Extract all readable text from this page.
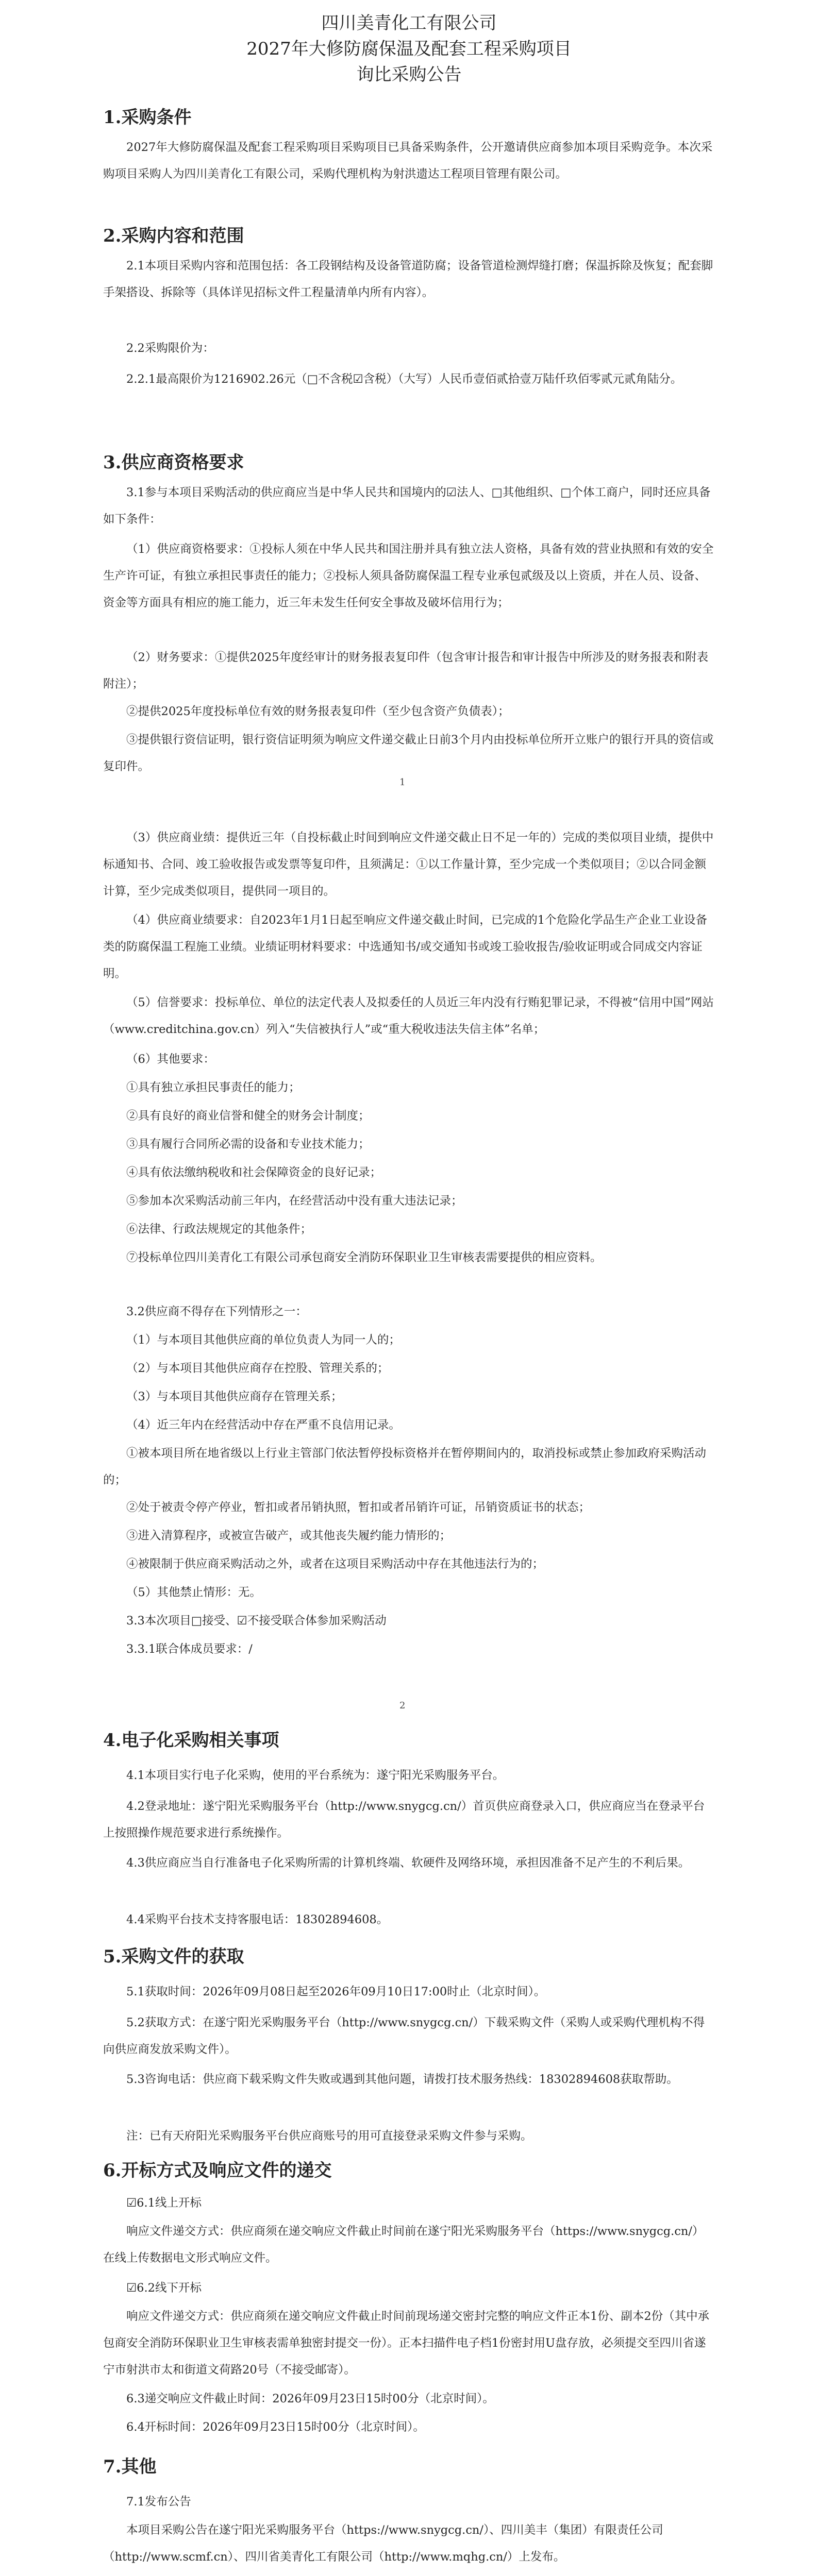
四川美青化工有限公司

2027年大修防腐保温及配套工程采购项目

询比采购公告

1.采购条件

2027年大修防腐保温及配套工程采购项目采购项目已具备采购条件，公开邀请供应商参加本项目采购竞争。本次采购项目采购人为四川美青化工有限公司，采购代理机构为射洪遗达工程项目管理有限公司。

2.采购内容和范围

2.1本项目采购内容和范围包括：各工段钢结构及设备管道防腐；设备管道检测焊缝打磨；保温拆除及恢复；配套脚手架搭设、拆除等（具体详见招标文件工程量清单内所有内容）。

2.2采购限价为：

2.2.1最高限价为1216902.26元（□不含税☑含税）（大写）人民币壹佰贰拾壹万陆仟玖佰零贰元贰角陆分。

3.供应商资格要求

3.1参与本项目采购活动的供应商应当是中华人民共和国境内的☑法人、□其他组织、□个体工商户，同时还应具备如下条件：

（1）供应商资格要求：①投标人须在中华人民共和国注册并具有独立法人资格，具备有效的营业执照和有效的安全生产许可证，有独立承担民事责任的能力；②投标人须具备防腐保温工程专业承包贰级及以上资质，并在人员、设备、资金等方面具有相应的施工能力，近三年未发生任何安全事故及破坏信用行为；

（2）财务要求：①提供2025年度经审计的财务报表复印件（包含审计报告和审计报告中所涉及的财务报表和附表附注）；

②提供2025年度投标单位有效的财务报表复印件（至少包含资产负债表）；

③提供银行资信证明，银行资信证明须为响应文件递交截止日前3个月内由投标单位所开立账户的银行开具的资信或复印件。

1

（3）供应商业绩：提供近三年（自投标截止时间到响应文件递交截止日不足一年的）完成的类似项目业绩，提供中标通知书、合同、竣工验收报告或发票等复印件，且须满足：①以工作量计算，至少完成一个类似项目；②以合同金额计算，至少完成类似项目，提供同一项目的。

（4）供应商业绩要求：自2023年1月1日起至响应文件递交截止时间，已完成的1个危险化学品生产企业工业设备类的防腐保温工程施工业绩。业绩证明材料要求：中选通知书/或交通知书或竣工验收报告/验收证明或合同成交内容证明。

（5）信誉要求：投标单位、单位的法定代表人及拟委任的人员近三年内没有行贿犯罪记录，不得被“信用中国”网站（www.creditchina.gov.cn）列入“失信被执行人”或“重大税收违法失信主体”名单；

（6）其他要求：

①具有独立承担民事责任的能力；

②具有良好的商业信誉和健全的财务会计制度；

③具有履行合同所必需的设备和专业技术能力；

④具有依法缴纳税收和社会保障资金的良好记录；

⑤参加本次采购活动前三年内，在经营活动中没有重大违法记录；

⑥法律、行政法规规定的其他条件；

⑦投标单位四川美青化工有限公司承包商安全消防环保职业卫生审核表需要提供的相应资料。

3.2供应商不得存在下列情形之一：

（1）与本项目其他供应商的单位负责人为同一人的；

（2）与本项目其他供应商存在控股、管理关系的；

（3）与本项目其他供应商存在管理关系；

（4）近三年内在经营活动中存在严重不良信用记录。

①被本项目所在地省级以上行业主管部门依法暂停投标资格并在暂停期间内的，取消投标或禁止参加政府采购活动的；

②处于被责令停产停业，暂扣或者吊销执照，暂扣或者吊销许可证，吊销资质证书的状态；

③进入清算程序，或被宣告破产，或其他丧失履约能力情形的；

④被限制于供应商采购活动之外，或者在这项目采购活动中存在其他违法行为的；

（5）其他禁止情形：无。

3.3本次项目□接受、☑不接受联合体参加采购活动

3.3.1联合体成员要求：/

2
4.电子化采购相关事项

4.1本项目实行电子化采购，使用的平台系统为：遂宁阳光采购服务平台。

4.2登录地址：遂宁阳光采购服务平台（http://www.snygcg.cn/）首页供应商登录入口，供应商应当在登录平台上按照操作规范要求进行系统操作。

4.3供应商应当自行准备电子化采购所需的计算机终端、软硬件及网络环境，承担因准备不足产生的不利后果。

4.4采购平台技术支持客服电话：18302894608。

5.采购文件的获取

5.1获取时间：2026年09月08日起至2026年09月10日17:00时止（北京时间）。

5.2获取方式：在遂宁阳光采购服务平台（http://www.snygcg.cn/）下载采购文件（采购人或采购代理机构不得向供应商发放采购文件）。

5.3咨询电话：供应商下载采购文件失败或遇到其他问题，请拨打技术服务热线：18302894608获取帮助。

注：已有天府阳光采购服务平台供应商账号的用可直接登录采购文件参与采购。

6.开标方式及响应文件的递交

☑6.1线上开标

响应文件递交方式：供应商须在递交响应文件截止时间前在遂宁阳光采购服务平台（https://www.snygcg.cn/）在线上传数据电文形式响应文件。

☑6.2线下开标

响应文件递交方式：供应商须在递交响应文件截止时间前现场递交密封完整的响应文件正本1份、副本2份（其中承包商安全消防环保职业卫生审核表需单独密封提交一份）。正本扫描件电子档1份密封用U盘存放，必须提交至四川省遂宁市射洪市太和街道文荷路20号（不接受邮寄）。

6.3递交响应文件截止时间：2026年09月23日15时00分（北京时间）。

6.4开标时间：2026年09月23日15时00分（北京时间）。

7.其他

7.1发布公告

本项目采购公告在遂宁阳光采购服务平台（https://www.snygcg.cn/）、四川美丰（集团）有限责任公司（http://www.scmf.cn）、四川省美青化工有限公司（http://www.mqhg.cn/）上发布。
